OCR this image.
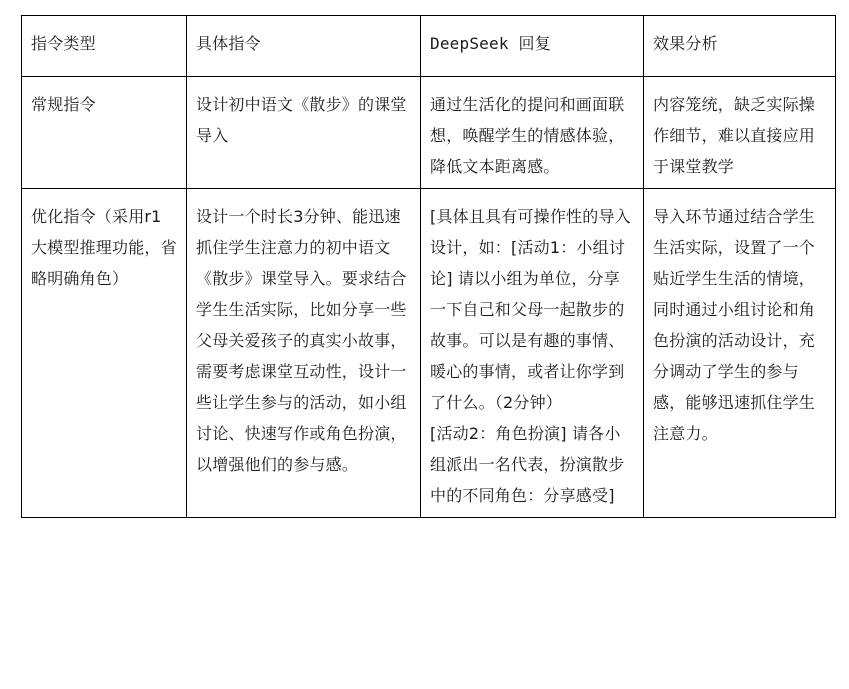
指令类型	具体指令	DeepSeek 回复	效果分析
常规指令	设计初中语文《散步》的课堂导入	通过生活化的提问和画面联想，唤醒学生的情感体验，降低文本距离感。	内容笼统，缺乏实际操作细节，难以直接应用于课堂教学
优化指令（采用r1 大模型推理功能，省略明确角色）	设计一个时长3分钟、能迅速抓住学生注意力的初中语文《散步》课堂导入。要求结合学生生活实际，比如分享一些父母关爱孩子的真实小故事，需要考虑课堂互动性，设计一些让学生参与的活动，如小组讨论、快速写作或角色扮演，以增强他们的参与感。	[具体且具有可操作性的导入设计，如：[活动1：小组讨论] 请以小组为单位，分享一下自己和父母一起散步的故事。可以是有趣的事情、暖心的事情，或者让你学到了什么。（2分钟）
[活动2：角色扮演] 请各小组派出一名代表，扮演散步中的不同角色：分享感受]	导入环节通过结合学生生活实际，设置了一个贴近学生生活的情境，同时通过小组讨论和角色扮演的活动设计，充分调动了学生的参与感，能够迅速抓住学生注意力。
